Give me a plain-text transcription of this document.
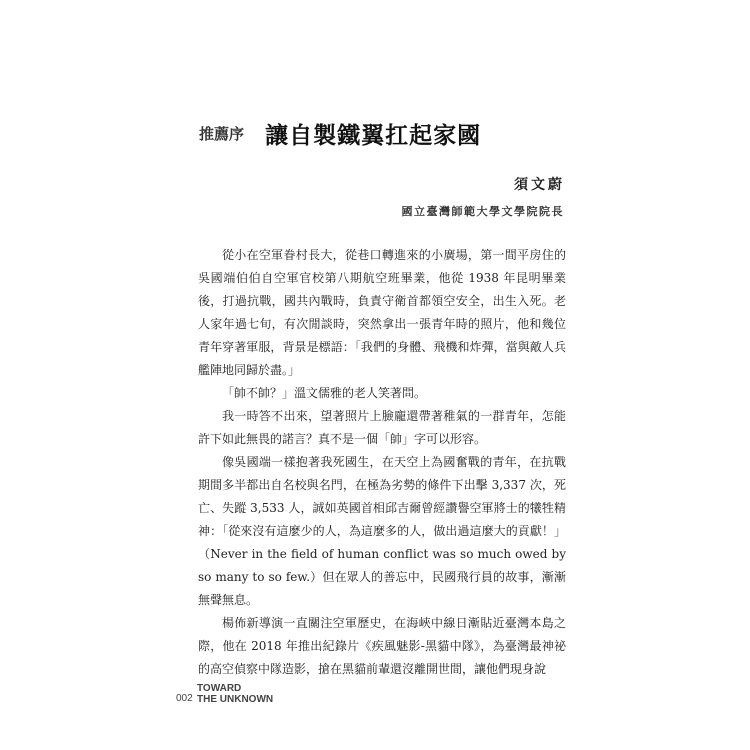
推薦序 讓自製鐵翼扛起家國
須文蔚
國立臺灣師範大學文學院院長

從小在空軍眷村長大，從巷口轉進來的小廣場，第一間平房住的吳國端伯伯自空軍官校第八期航空班畢業，他從 1938 年昆明畢業後，打過抗戰，國共內戰時，負責守衛首都領空安全，出生入死。老人家年過七旬，有次閒談時，突然拿出一張青年時的照片，他和幾位青年穿著軍服，背景是標語：「我們的身體、飛機和炸彈，當與敵人兵艦陣地同歸於盡。」

「帥不帥？」溫文儒雅的老人笑著問。

我一時答不出來，望著照片上臉龐還帶著稚氣的一群青年，怎能許下如此無畏的諾言？真不是一個「帥」字可以形容。

像吳國端一樣抱著我死國生，在天空上為國奮戰的青年，在抗戰期間多半都出自名校與名門，在極為劣勢的條件下出擊 3,337 次，死亡、失蹤 3,533 人，誠如英國首相邱吉爾曾經讚譽空軍將士的犧牲精神：「從來沒有這麼少的人，為這麼多的人，做出過這麼大的貢獻！」（Never in the field of human conflict was so much owed by so many to so few.）但在眾人的善忘中，民國飛行員的故事，漸漸無聲無息。

楊佈新導演一直關注空軍歷史，在海峽中線日漸貼近臺灣本島之際，他在 2018 年推出紀錄片《疾風魅影-黑貓中隊》，為臺灣最神祕的高空偵察中隊造影，搶在黑貓前輩還沒離開世間，讓他們現身說

002
TOWARD
THE UNKNOWN
